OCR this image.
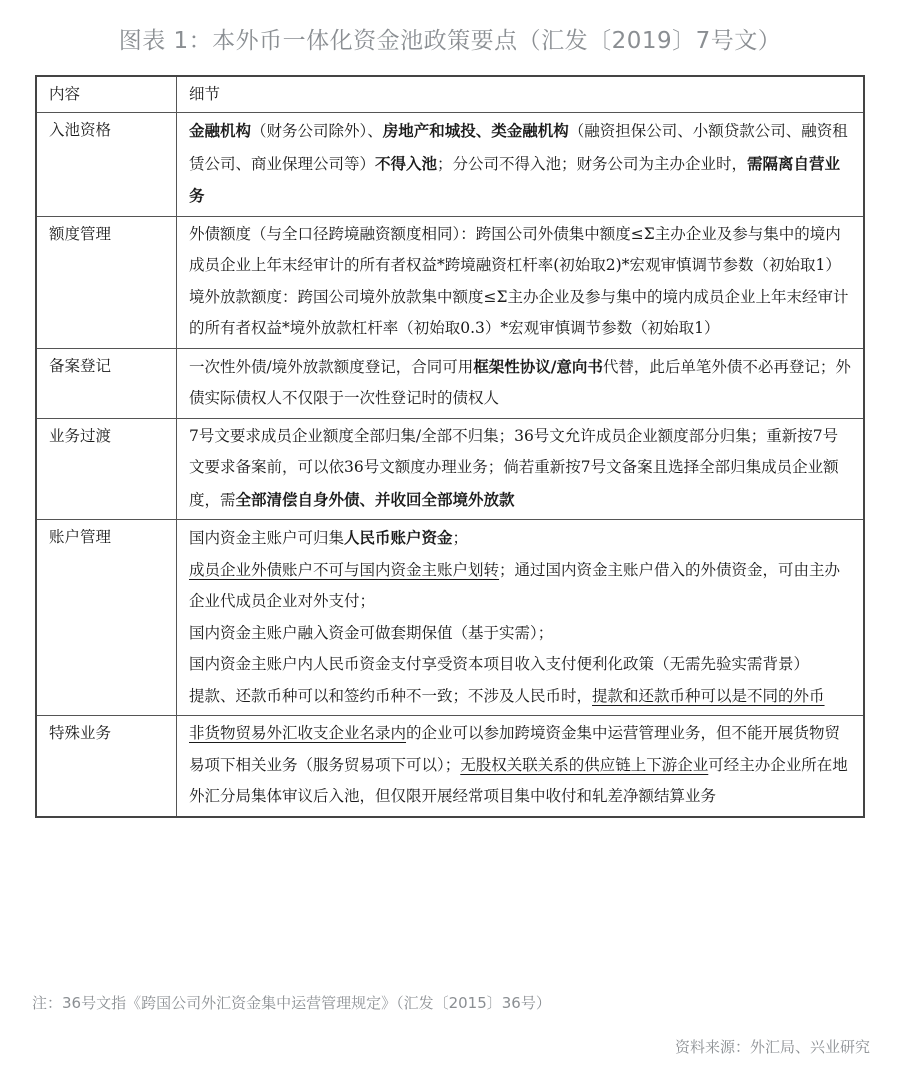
图表 1：本外币一体化资金池政策要点（汇发〔2019〕7号文）
内容	细节
入池资格	金融机构（财务公司除外）、房地产和城投、类金融机构（融资担保公司、小额贷款公司、融资租赁公司、商业保理公司等）不得入池；分公司不得入池；财务公司为主办企业时，需隔离自营业务

额度管理	外债额度（与全口径跨境融资额度相同）：跨国公司外债集中额度≤Σ主办企业及参与集中的境内成员企业上年末经审计的所有者权益*跨境融资杠杆率(初始取2)*宏观审慎调节参数（初始取1）
境外放款额度：跨国公司境外放款集中额度≤Σ主办企业及参与集中的境内成员企业上年末经审计的所有者权益*境外放款杠杆率（初始取0.3）*宏观审慎调节参数（初始取1）

备案登记	一次性外债/境外放款额度登记，合同可用框架性协议/意向书代替，此后单笔外债不必再登记；外债实际债权人不仅限于一次性登记时的债权人

业务过渡	7号文要求成员企业额度全部归集/全部不归集；36号文允许成员企业额度部分归集；重新按7号文要求备案前，可以依36号文额度办理业务；倘若重新按7号文备案且选择全部归集成员企业额度，需全部清偿自身外债、并收回全部境外放款

账户管理	国内资金主账户可归集人民币账户资金；
成员企业外债账户不可与国内资金主账户划转；通过国内资金主账户借入的外债资金，可由主办企业代成员企业对外支付；
国内资金主账户融入资金可做套期保值（基于实需）；
国内资金主账户内人民币资金支付享受资本项目收入支付便利化政策（无需先验实需背景）
提款、还款币种可以和签约币种不一致；不涉及人民币时，提款和还款币种可以是不同的外币

特殊业务	非货物贸易外汇收支企业名录内的企业可以参加跨境资金集中运营管理业务，但不能开展货物贸易项下相关业务（服务贸易项下可以）；无股权关联关系的供应链上下游企业可经主办企业所在地外汇分局集体审议后入池，但仅限开展经常项目集中收付和轧差净额结算业务
注：36号文指《跨国公司外汇资金集中运营管理规定》（汇发〔2015〕36号）
资料来源：外汇局、兴业研究
